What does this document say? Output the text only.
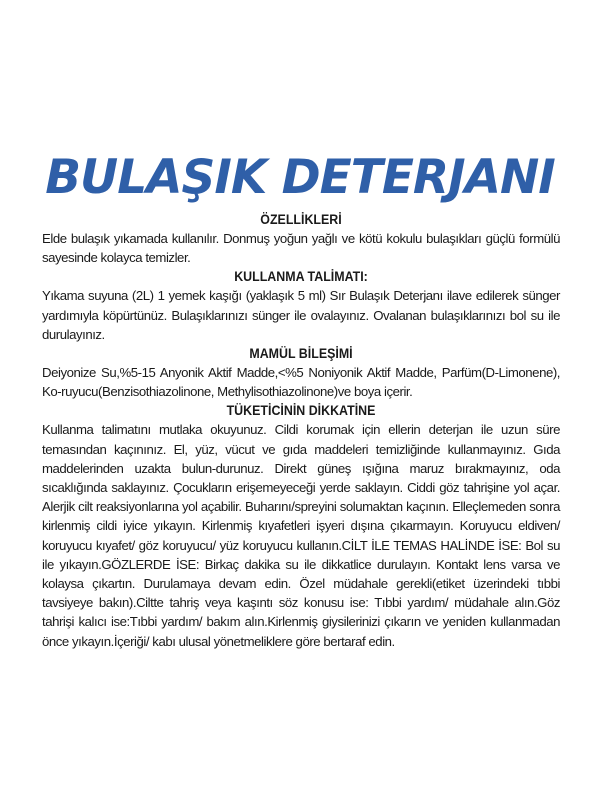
BULAŞIK DETERJANI
ÖZELLİKLERİ

Elde bulaşık yıkamada kullanılır. Donmuş yoğun yağlı ve kötü kokulu bulaşıkları güçlü formülü sayesinde kolayca temizler.

KULLANMA TALİMATI:

Yıkama suyuna (2L) 1 yemek kaşığı (yaklaşık 5 ml) Sır Bulaşık Deterjanı ilave edilerek sünger yardımıyla köpürtünüz. Bulaşıklarınızı sünger ile ovalayınız. Ovalanan bulaşıklarınızı bol su ile durulayınız.

MAMÜL BİLEŞİMİ

Deiyonize Su,%5-15 Anyonik Aktif Madde,<%5 Noniyonik Aktif Madde, Parfüm(D-Limonene), Ko-ruyucu(Benzisothiazolinone, Methylisothiazolinone)ve boya içerir.

TÜKETİCİNİN DİKKATİNE

Kullanma talimatını mutlaka okuyunuz. Cildi korumak için ellerin deterjan ile uzun süre temasından kaçınınız. El, yüz, vücut ve gıda maddeleri temizliğinde kullanmayınız. Gıda maddelerinden uzakta bulun-durunuz. Direkt güneş ışığına maruz bırakmayınız, oda sıcaklığında saklayınız. Çocukların erişemeyeceği yerde saklayın. Ciddi göz tahrişine yol açar. Alerjik cilt reaksiyonlarına yol açabilir. Buharını/spreyini solumaktan kaçının. Elleçlemeden sonra kirlenmiş cildi iyice yıkayın. Kirlenmiş kıyafetleri işyeri dışına çıkarmayın. Koruyucu eldiven/ koruyucu kıyafet/ göz koruyucu/ yüz koruyucu kullanın.CİLT İLE TEMAS HALİNDE İSE: Bol su ile yıkayın.GÖZLERDE İSE: Birkaç dakika su ile dikkatlice durulayın. Kontakt lens varsa ve kolaysa çıkartın. Durulamaya devam edin. Özel müdahale gerekli(etiket üzerindeki tıbbi tavsiyeye bakın).Ciltte tahriş veya kaşıntı söz konusu ise: Tıbbi yardım/ müdahale alın.Göz tahrişi kalıcı ise:Tıbbi yardım/ bakım alın.Kirlenmiş giysilerinizi çıkarın ve yeniden kullanmadan önce yıkayın.İçeriği/ kabı ulusal yönetmeliklere göre bertaraf edin.
